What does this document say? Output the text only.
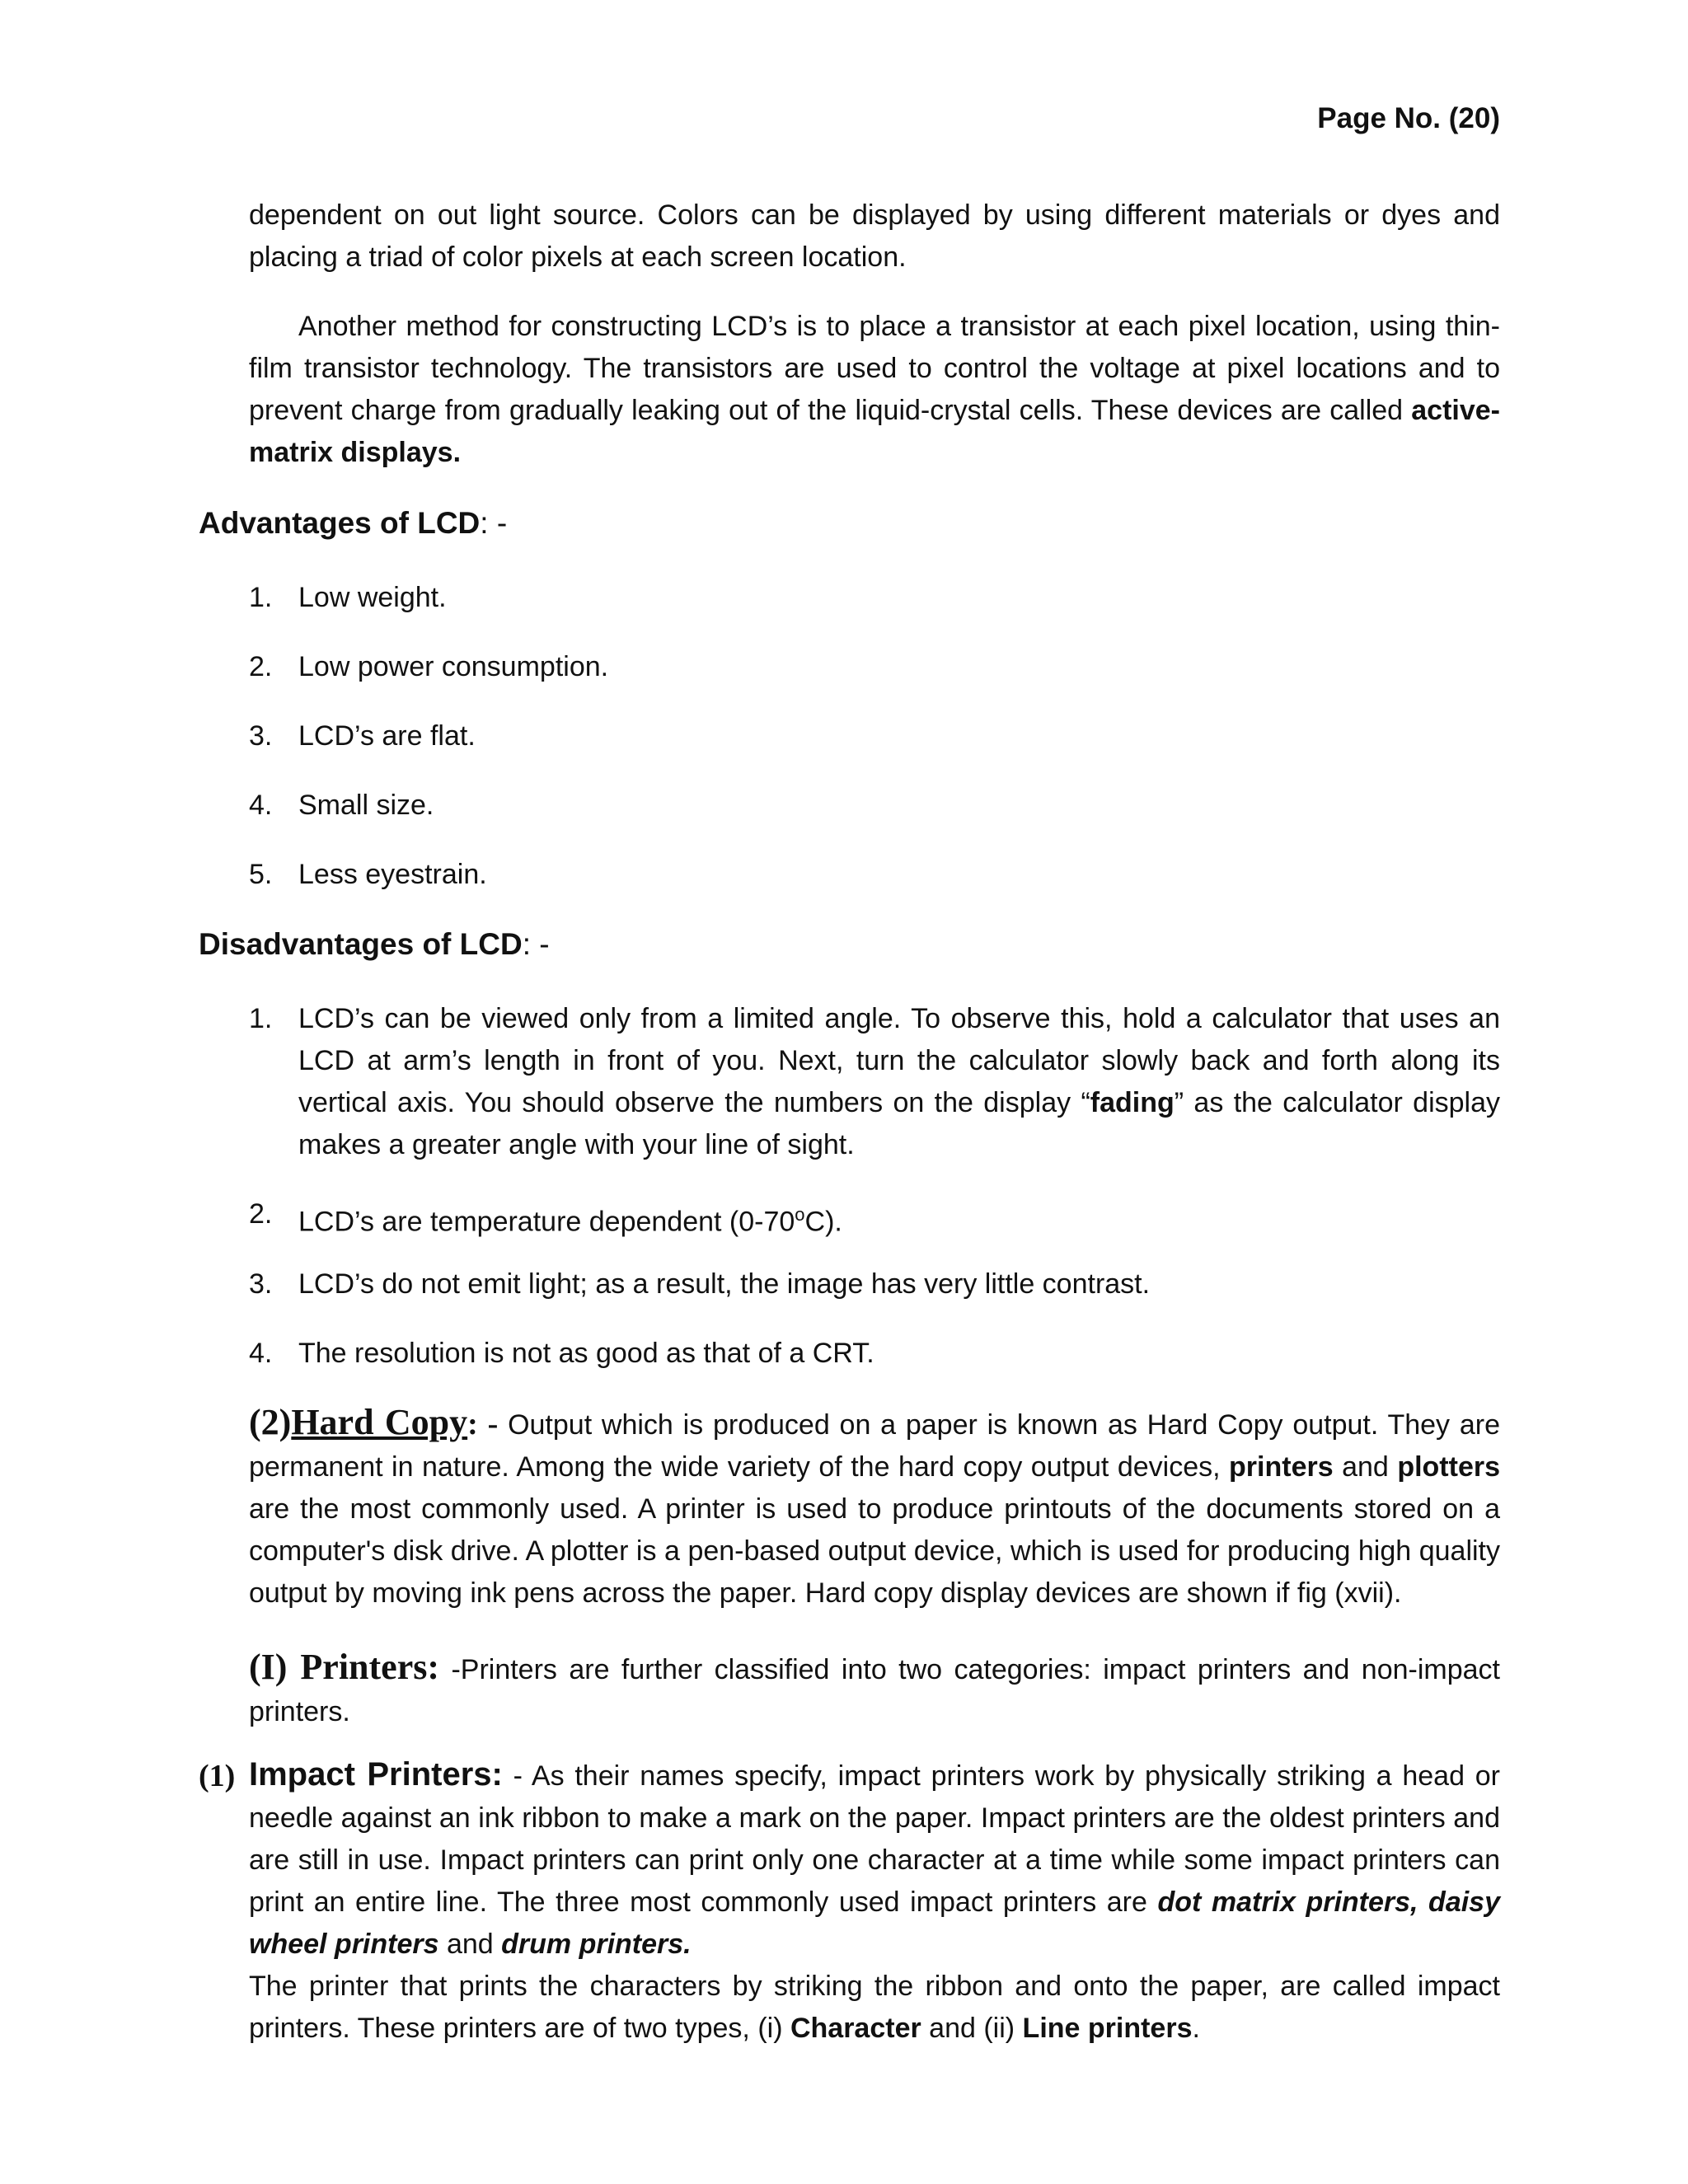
Page No. (20)
dependent on out light source. Colors can be displayed by using different materials or dyes and placing a triad of color pixels at each screen location.
Another method for constructing LCD’s is to place a transistor at each pixel location, using thin-film transistor technology. The transistors are used to control the voltage at pixel locations and to prevent charge from gradually leaking out of the liquid-crystal cells. These devices are called active-matrix displays.
Advantages of LCD: -
1. Low weight.
2. Low power consumption.
3. LCD’s are flat.
4. Small size.
5. Less eyestrain.
Disadvantages of LCD: -
1. LCD’s can be viewed only from a limited angle. To observe this, hold a calculator that uses an LCD at arm’s length in front of you. Next, turn the calculator slowly back and forth along its vertical axis. You should observe the numbers on the display “fading” as the calculator display makes a greater angle with your line of sight.
2. LCD’s are temperature dependent (0-70$^o$C).
3. LCD’s do not emit light; as a result, the image has very little contrast.
4. The resolution is not as good as that of a CRT.
(2)Hard Copy: - Output which is produced on a paper is known as Hard Copy output. They are permanent in nature. Among the wide variety of the hard copy output devices, printers and plotters are the most commonly used. A printer is used to produce printouts of the documents stored on a computer's disk drive. A plotter is a pen-based output device, which is used for producing high quality output by moving ink pens across the paper. Hard copy display devices are shown if fig (xvii).
(I) Printers: -Printers are further classified into two categories: impact printers and non-impact printers.
(1) Impact Printers: - As their names specify, impact printers work by physically striking a head or needle against an ink ribbon to make a mark on the paper. Impact printers are the oldest printers and are still in use. Impact printers can print only one character at a time while some impact printers can print an entire line. The three most commonly used impact printers are dot matrix printers, daisy wheel printers and drum printers.
The printer that prints the characters by striking the ribbon and onto the paper, are called impact printers. These printers are of two types, (i) Character and (ii) Line printers.
